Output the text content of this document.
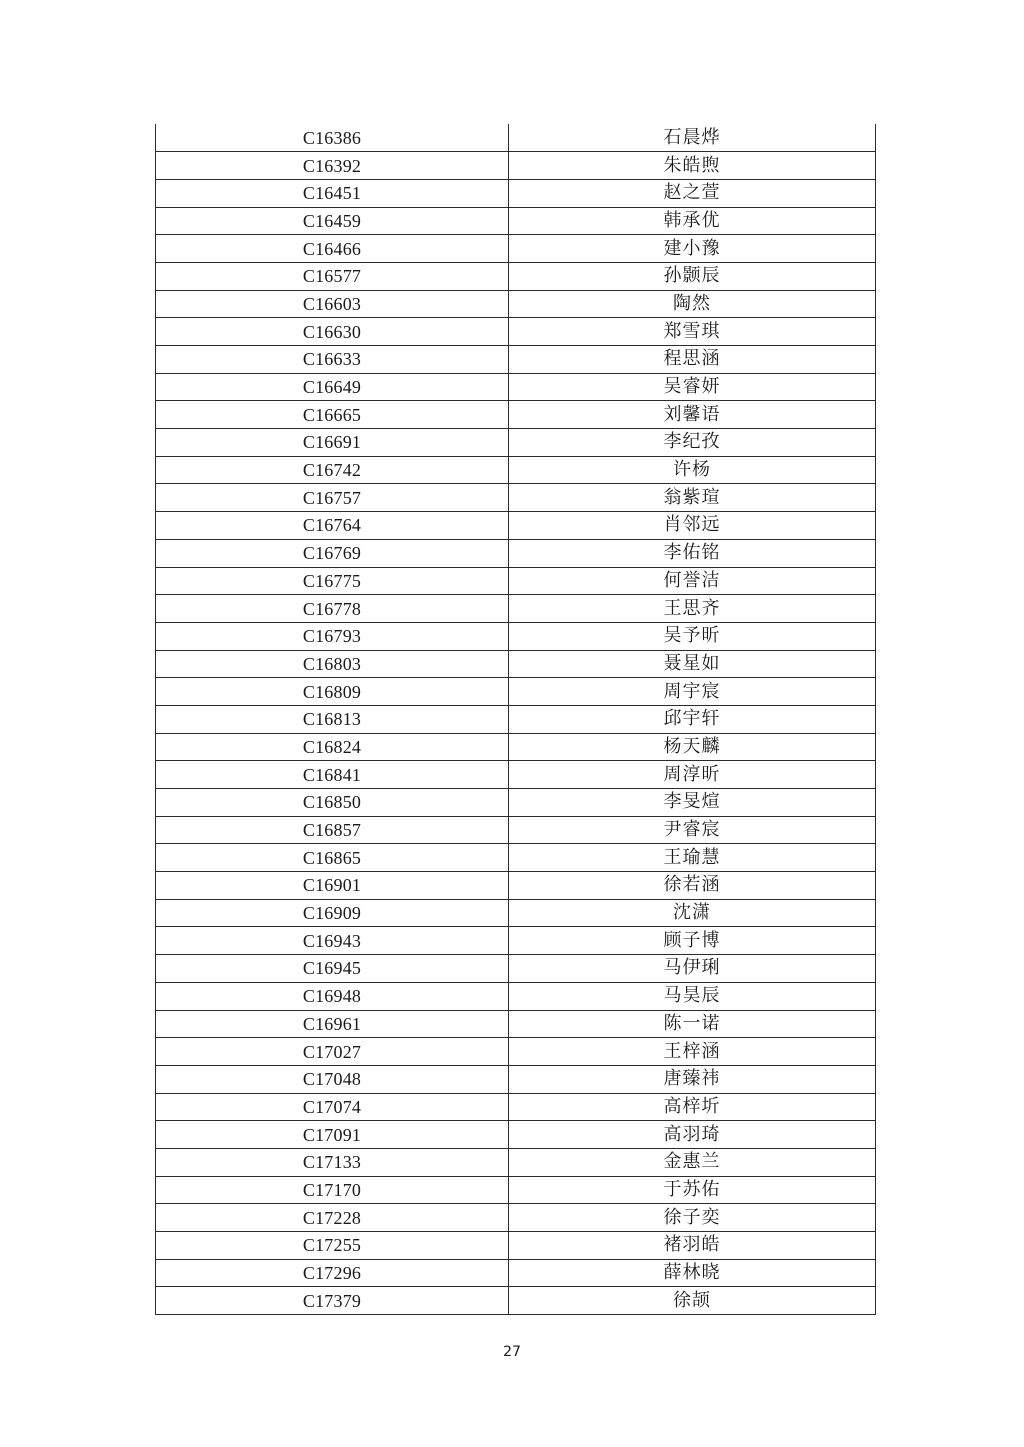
C16386	石晨烨
C16392	朱皓煦
C16451	赵之萱
C16459	韩承优
C16466	建小豫
C16577	孙颢辰
C16603	陶然
C16630	郑雪琪
C16633	程思涵
C16649	吴睿妍
C16665	刘馨语
C16691	李纪孜
C16742	许杨
C16757	翁紫瑄
C16764	肖邻远
C16769	李佑铭
C16775	何誉洁
C16778	王思齐
C16793	吴予昕
C16803	聂星如
C16809	周宇宸
C16813	邱宇轩
C16824	杨天麟
C16841	周淳昕
C16850	李旻煊
C16857	尹睿宸
C16865	王瑜慧
C16901	徐若涵
C16909	沈潇
C16943	顾子博
C16945	马伊琍
C16948	马昊辰
C16961	陈一诺
C17027	王梓涵
C17048	唐臻祎
C17074	高梓圻
C17091	高羽琦
C17133	金惠兰
C17170	于苏佑
C17228	徐子奕
C17255	褚羽皓
C17296	薛林晓
C17379	徐颉
27
